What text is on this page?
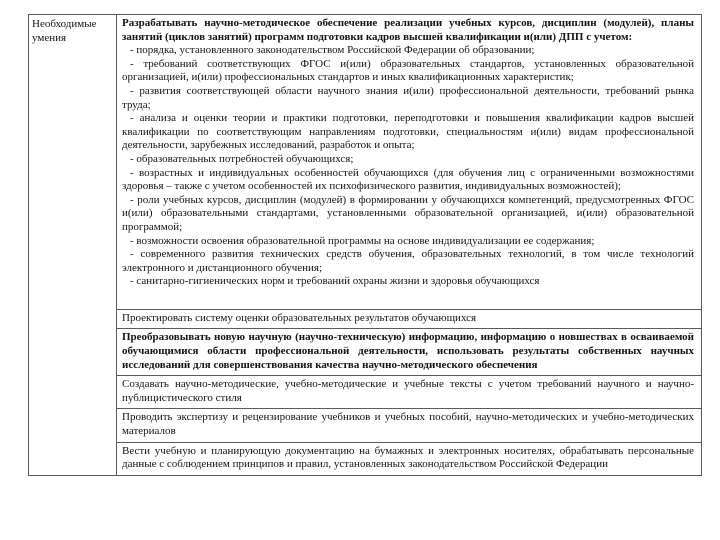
Необходимые умения

Разрабатывать научно-методическое обеспечение реализации учебных курсов, дисциплин (модулей), планы занятий (циклов занятий) программ подготовки кадров высшей квалификации и(или) ДПП с учетом:

- порядка, установленного законодательством Российской Федерации об образовании;

- требований соответствующих ФГОС и(или) образовательных стандартов, установленных образовательной организацией, и(или) профессиональных стандартов и иных квалификационных характеристик;

- развития соответствующей области научного знания и(или) профессиональной деятельности, требований рынка труда;

- анализа и оценки теории и практики подготовки, переподготовки и повышения квалификации кадров высшей квалификации по соответствующим направлениям подготовки, специальностям и(или) видам профессиональной деятельности, зарубежных исследований, разработок и опыта;

- образовательных потребностей обучающихся;

- возрастных и индивидуальных особенностей обучающихся (для обучения лиц с ограниченными возможностями здоровья – также с учетом особенностей их психофизического развития, индивидуальных возможностей);

- роли учебных курсов, дисциплин (модулей) в формировании у обучающихся компетенций, предусмотренных ФГОС и(или) образовательными стандартами, установленными образовательной организацией, и(или) образовательной программой;

- возможности освоения образовательной программы на основе индивидуализации ее содержания;

- современного развития технических средств обучения, образовательных технологий, в том числе технологий электронного и дистанционного обучения;

- санитарно-гигиенических норм и требований охраны жизни и здоровья обучающихся

Проектировать систему оценки образовательных результатов обучающихся
Преобразовывать новую научную (научно-техническую) информацию, информацию о новшествах в осваиваемой обучающимися области профессиональной деятельности, использовать результаты собственных научных исследований для совершенствования качества научно-методического обеспечения
Создавать научно-методические, учебно-методические и учебные тексты с учетом требований научного и научно-публицистического стиля
Проводить экспертизу и рецензирование учебников и учебных пособий, научно-методических и учебно-методических материалов
Вести учебную и планирующую документацию на бумажных и электронных носителях, обрабатывать персональные данные с соблюдением принципов и правил, установленных законодательством Российской Федерации
